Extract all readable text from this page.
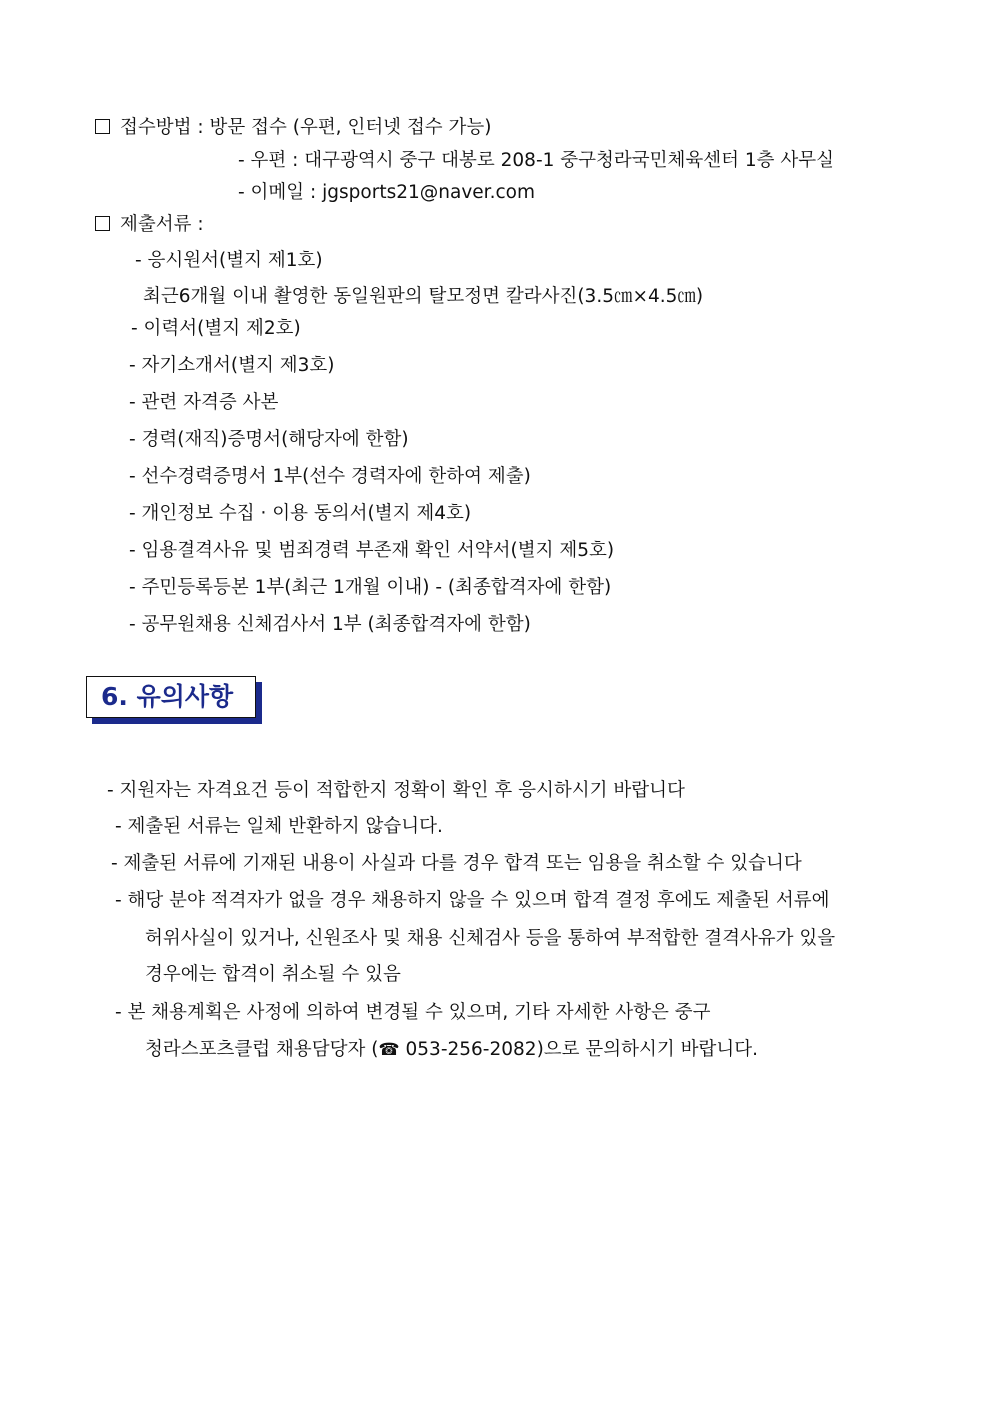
접수방법 : 방문 접수 (우편, 인터넷 접수 가능)
- 우편 : 대구광역시 중구 대봉로 208-1 중구청라국민체육센터 1층 사무실
- 이메일 : jgsports21@naver.com
제출서류 :
- 응시원서(별지 제1호)
최근6개월 이내 촬영한 동일원판의 탈모정면 칼라사진(3.5㎝×4.5㎝)
- 이력서(별지 제2호)
- 자기소개서(별지 제3호)
- 관련 자격증 사본
- 경력(재직)증명서(해당자에 한함)
- 선수경력증명서 1부(선수 경력자에 한하여 제출)
- 개인정보 수집 · 이용 동의서(별지 제4호)
- 임용결격사유 및 범죄경력 부존재 확인 서약서(별지 제5호)
- 주민등록등본 1부(최근 1개월 이내) - (최종합격자에 한함)
- 공무원채용 신체검사서 1부 (최종합격자에 한함)
6. 유의사항
- 지원자는 자격요건 등이 적합한지 정확이 확인 후 응시하시기 바랍니다
- 제출된 서류는 일체 반환하지 않습니다.
- 제출된 서류에 기재된 내용이 사실과 다를 경우 합격 또는 임용을 취소할 수 있습니다
- 해당 분야 적격자가 없을 경우 채용하지 않을 수 있으며 합격 결정 후에도 제출된 서류에
허위사실이 있거나, 신원조사 및 채용 신체검사 등을 통하여 부적합한 결격사유가 있을
경우에는 합격이 취소될 수 있음
- 본 채용계획은 사정에 의하여 변경될 수 있으며, 기타 자세한 사항은 중구
청라스포츠클럽 채용담당자 (☎ 053-256-2082)으로 문의하시기 바랍니다.
